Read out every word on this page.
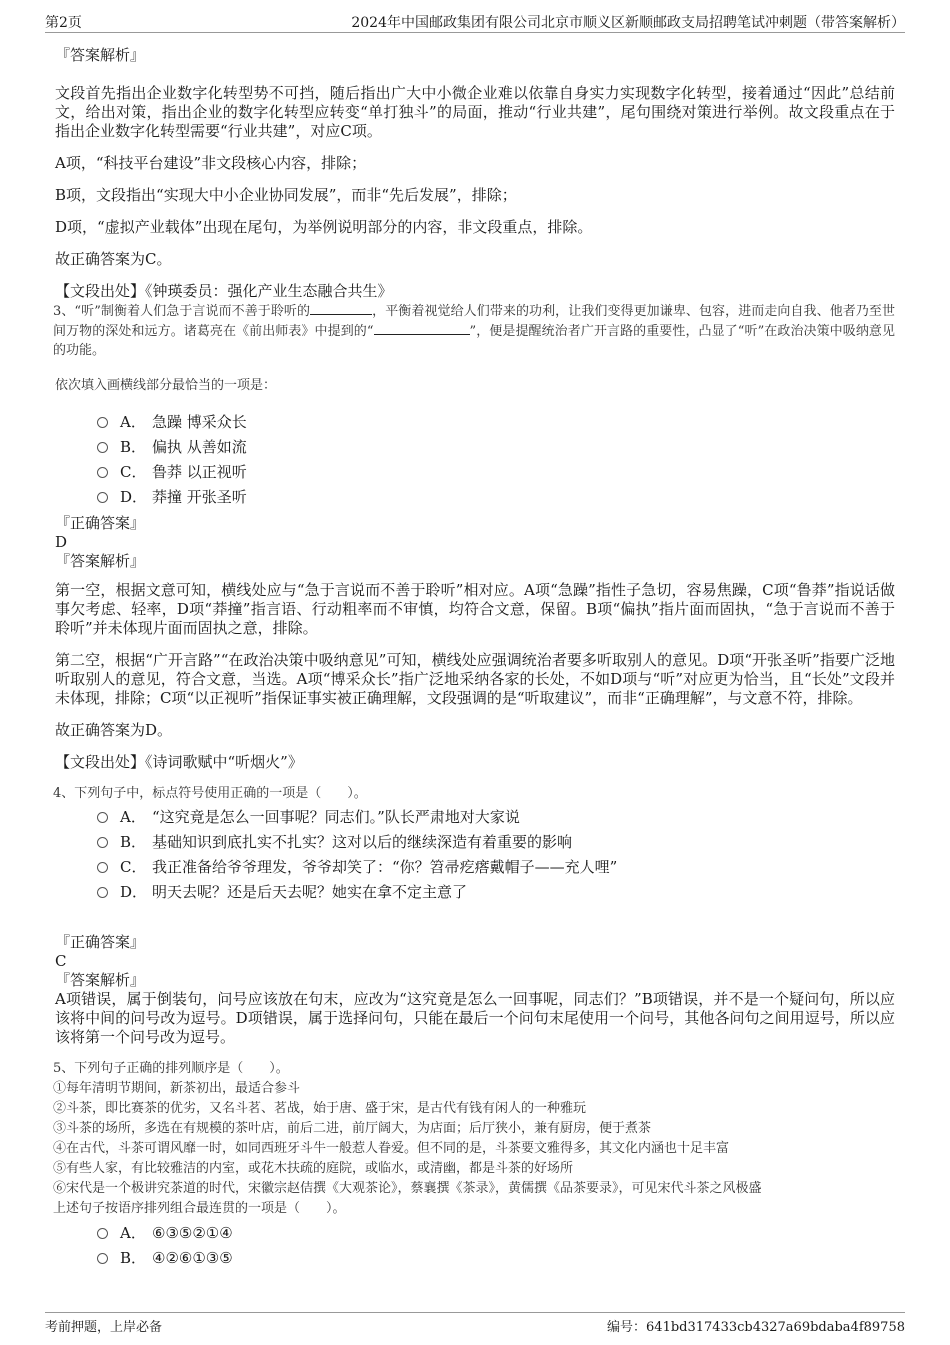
第2页	2024年中国邮政集团有限公司北京市顺义区新顺邮政支局招聘笔试冲刺题（带答案解析）
『答案解析』
文段首先指出企业数字化转型势不可挡，随后指出广大中小微企业难以依靠自身实力实现数字化转型，接着通过“因此”总结前文，给出对策，指出企业的数字化转型应转变“单打独斗”的局面，推动“行业共建”，尾句围绕对策进行举例。故文段重点在于指出企业数字化转型需要“行业共建”，对应C项。
A项，“科技平台建设”非文段核心内容，排除；
B项，文段指出“实现大中小企业协同发展”，而非“先后发展”，排除；
D项，“虚拟产业载体”出现在尾句，为举例说明部分的内容，非文段重点，排除。
故正确答案为C。
【文段出处】《钟瑛委员：强化产业生态融合共生》
3、“听”制衡着人们急于言说而不善于聆听的	，平衡着视觉给人们带来的功利，让我们变得更加谦卑、包容，进而走向自我、他者乃至世间万物的深处和远方。诸葛亮在《前出师表》中提到的“	”，便是提醒统治者广开言路的重要性，凸显了“听”在政治决策中吸纳意见的功能。
依次填入画横线部分最恰当的一项是：
A． 急躁 博采众长
B． 偏执 从善如流
C． 鲁莽 以正视听
D． 莽撞 开张圣听
『正确答案』
D
『答案解析』
第一空，根据文意可知，横线处应与“急于言说而不善于聆听”相对应。A项“急躁”指性子急切，容易焦躁，C项“鲁莽”指说话做事欠考虑、轻率，D项“莽撞”指言语、行动粗率而不审慎，均符合文意，保留。B项“偏执”指片面而固执，“急于言说而不善于聆听”并未体现片面而固执之意，排除。
第二空，根据“广开言路”“在政治决策中吸纳意见”可知，横线处应强调统治者要多听取别人的意见。D项“开张圣听”指要广泛地听取别人的意见，符合文意，当选。A项“博采众长”指广泛地采纳各家的长处，不如D项与“听”对应更为恰当，且“长处”文段并未体现，排除；C项“以正视听”指保证事实被正确理解，文段强调的是“听取建议”，而非“正确理解”，与文意不符，排除。
故正确答案为D。
【文段出处】《诗词歌赋中“听烟火”》
4、下列句子中，标点符号使用正确的一项是（　　）。
A． “这究竟是怎么一回事呢？同志们。”队长严肃地对大家说
B． 基础知识到底扎实不扎实？这对以后的继续深造有着重要的影响
C． 我正准备给爷爷理发，爷爷却笑了：“你？笤帚疙瘩戴帽子——充人哩”
D． 明天去呢？还是后天去呢？她实在拿不定主意了
『正确答案』
C
『答案解析』
A项错误，属于倒装句，问号应该放在句末，应改为“这究竟是怎么一回事呢，同志们？”B项错误，并不是一个疑问句，所以应该将中间的问号改为逗号。D项错误，属于选择问句，只能在最后一个问句末尾使用一个问号，其他各问句之间用逗号，所以应该将第一个问号改为逗号。
5、下列句子正确的排列顺序是（　　）。
①每年清明节期间，新茶初出，最适合参斗
②斗茶，即比赛茶的优劣，又名斗茗、茗战，始于唐、盛于宋，是古代有钱有闲人的一种雅玩
③斗茶的场所，多选在有规模的茶叶店，前后二进，前厅阔大，为店面；后厅狭小，兼有厨房，便于煮茶
④在古代，斗茶可谓风靡一时，如同西班牙斗牛一般惹人眷爱。但不同的是，斗茶要文雅得多，其文化内涵也十足丰富
⑤有些人家，有比较雅洁的内室，或花木扶疏的庭院，或临水，或清幽，都是斗茶的好场所
⑥宋代是一个极讲究茶道的时代，宋徽宗赵佶撰《大观茶论》，蔡襄撰《茶录》，黄儒撰《品茶要录》，可见宋代斗茶之风极盛
上述句子按语序排列组合最连贯的一项是（　　）。
A． ⑥③⑤②①④
B． ④②⑥①③⑤
考前押题，上岸必备	编号：641bd317433cb4327a69bdaba4f89758
